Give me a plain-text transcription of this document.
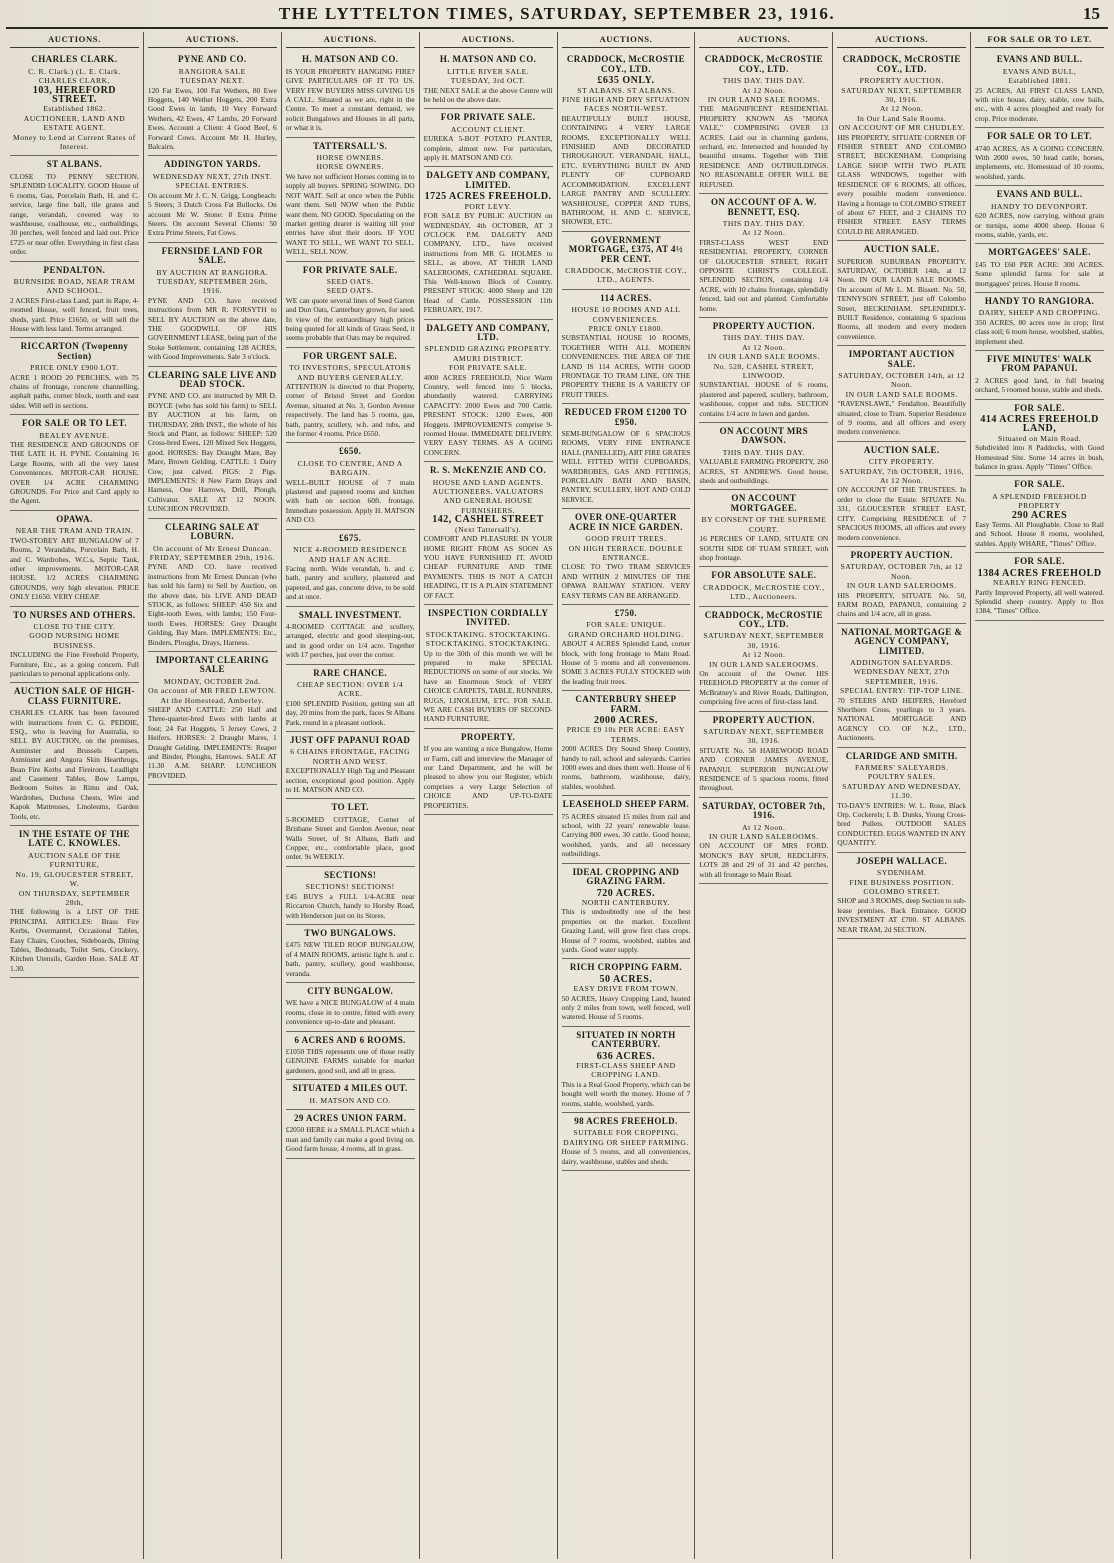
THE LYTTELTON TIMES, SATURDAY, SEPTEMBER 23, 1916.	15
AUCTIONS.
CHARLES CLARK.
C. R. Clark.) (L. E. Clark.
CHARLES CLARK,
103, HEREFORD STREET.
Established 1862.
AUCTIONEER, LAND AND ESTATE AGENT.
Money to Lend at Current Rates of Interest.
ST ALBANS.
CLOSE TO PENNY SECTION. SPLENDID LOCALITY. GOOD House of 6 rooms, Gas, Porcelain Bath, H. and C. service, large fine ball, tile grates and range, verandah, covered way to washhouse, coalhouse, etc., outbuildings, 30 perches, well fenced and laid out. Price £725 or near offer. Everything in first class order.
PENDALTON.
BURNSIDE ROAD, NEAR TRAM AND SCHOOL.
2 ACRES First-class Land, part in Rape, 4-roomed House, well fenced, fruit trees, sheds, yard. Price £1650, or will sell the House with less land. Terms arranged.
RICCARTON (Twopenny Section)
PRICE ONLY £900 LOT.
ACRE 1 ROOD 20 PERCHES, with 75 chains of frontage, concrete channelling, asphalt paths, corner block, north and east sides. Will sell in sections.
FOR SALE OR TO LET.
BEALEY AVENUE.
THE RESIDENCE AND GROUNDS OF THE LATE H. H. PYNE. Containing 16 Large Rooms, with all the very latest Conveniences. MOTOR-CAR HOUSE. OVER 1/4 ACRE CHARMING GROUNDS. For Price and Card apply to the Agent.
OPAWA.
NEAR THE TRAM AND TRAIN.
TWO-STOREY ART BUNGALOW of 7 Rooms, 2 Verandahs, Porcelain Bath, H. and C. Wardrobes, W.C.s, Septic Tank, other improvements. MOTOR-CAR HOUSE. 1/2 ACRES CHARMING GROUNDS, very high elevation. PRICE ONLY £1650. VERY CHEAP.
TO NURSES AND OTHERS.
CLOSE TO THE CITY.
GOOD NURSING HOME BUSINESS.
INCLUDING the Fine Freehold Property, Furniture, Etc., as a going concern. Full particulars to personal applications only.
AUCTION SALE OF HIGH-CLASS FURNITURE.
CHARLES CLARK has been favoured with instructions from C. G. PEDDIE, ESQ., who is leaving for Australia, to SELL BY AUCTION, on the premises, Axminster and Brussels Carpets, Axminster and Angora Skin Hearthrugs, Bean Fire Kerbs and Fireirons, Leadlight and Casement Tables, Bow Lamps, Bedroom Suites in Rimu and Oak, Wardrobes, Duchess Chests, Wire and Kapok Mattresses, Linoleums, Garden Tools, etc.
IN THE ESTATE OF THE LATE C. KNOWLES.
AUCTION SALE OF THE FURNITURE,
No. 19, GLOUCESTER STREET, W.
ON THURSDAY, SEPTEMBER 28th,
THE following is a LIST OF THE PRINCIPAL ARTICLES: Brass Fire Kerbs, Overmantel, Occasional Tables, Easy Chairs, Couches, Sideboards, Dining Tables, Bedsteads, Toilet Sets, Crockery, Kitchen Utensils, Garden Hose. SALE AT 1.30.
AUCTIONS.
PYNE AND CO.
RANGIORA SALE
TUESDAY NEXT.
120 Fat Ewes, 100 Fat Wethers, 80 Ewe Hoggets, 140 Wether Hoggets, 200 Extra Good Ewes in lamb, 10 Very Forward Wethers, 42 Ewes, 47 Lambs, 20 Forward Ewes. Account a Client: 4 Good Beef, 6 Forward Cows. Account Mr H. Hurley, Balcairn.
ADDINGTON YARDS.
WEDNESDAY NEXT, 27th INST.
SPECIAL ENTRIES.
On account Mr J. C. N. Grigg, Longbeach: 5 Steers; 3 Dutch Cross Fat Bullocks. On account Mr W. Stone: 8 Extra Prime Steers. On account Several Clients: 50 Extra Prime Steers, Fat Cows.
FERNSIDE LAND FOR SALE.
BY AUCTION AT RANGIORA.
TUESDAY, SEPTEMBER 26th, 1916.
PYNE AND CO. have received instructions from MR R. FORSYTH to SELL BY AUCTION on the above date, THE GOODWILL OF HIS GOVERNMENT LEASE, being part of the Stoke Settlement, containing 128 ACRES, with Good Improvements. Sale 3 o'clock.
CLEARING SALE LIVE AND DEAD STOCK.
PYNE AND CO. are instructed by MR D. BOYCE (who has sold his farm) to SELL BY AUCTION at his farm, on THURSDAY, 28th INST., the whole of his Stock and Plant, as follows: SHEEP: 520 Cross-bred Ewes, 120 Mixed Sex Hoggets, good. HORSES: Bay Draught Mare, Bay Mare, Brown Gelding. CATTLE: 1 Dairy Cow, just calved. PIGS: 2 Pigs. IMPLEMENTS: 8 New Farm Drays and Harness, One Harrows, Drill, Plough, Cultivator. SALE AT 12 NOON. LUNCHEON PROVIDED.
CLEARING SALE AT LOBURN.
On account of Mr Ernest Duncan.
FRIDAY, SEPTEMBER 29th, 1916.
PYNE AND CO. have received instructions from Mr Ernest Duncan (who has sold his farm) to Sell by Auction, on the above date, his LIVE AND DEAD STOCK, as follows: SHEEP: 450 Six and Eight-tooth Ewes, with lambs; 150 Four-tooth Ewes. HORSES: Grey Draught Gelding, Bay Mare. IMPLEMENTS: Etc., Binders, Ploughs, Drays, Harness.
IMPORTANT CLEARING SALE
MONDAY, OCTOBER 2nd.
On account of MR FRED LEWTON.
At the Homestead, Amberley.
SHEEP AND CATTLE: 250 Half and Three-quarter-bred Ewes with lambs at foot; 24 Fat Hoggets, 5 Jersey Cows, 2 Heifers. HORSES: 2 Draught Mares, 1 Draught Gelding. IMPLEMENTS: Reaper and Binder, Ploughs, Harrows. SALE AT 11.30 A.M. SHARP. LUNCHEON PROVIDED.
AUCTIONS.
H. MATSON AND CO.
IS YOUR PROPERTY HANGING FIRE? GIVE PARTICULARS OF IT TO US. VERY FEW BUYERS MISS GIVING US A CALL. Situated as we are, right in the Centre. To meet a constant demand, we solicit Bungalows and Houses in all parts, or what it is.
TATTERSALL'S.
HORSE OWNERS.
HORSE OWNERS.
We have not sufficient Horses coming in to supply all buyers. SPRING SOWING. DO NOT WAIT. Sell at once when the Public want them. Sell NOW when the Public want them. NO GOOD. Speculating on the market getting dearer is waiting till your entries have shut their doors. IF YOU WANT TO SELL, WE WANT TO SELL. WELL, SELL NOW.
FOR PRIVATE SALE.
SEED OATS.
SEED OATS.
WE can quote several lines of Seed Garton and Dun Oats, Canterbury grown, for seed. In view of the extraordinary high prices being quoted for all kinds of Grass Seed, it seems probable that Oats may be required.
FOR URGENT SALE.
TO INVESTORS, SPECULATORS AND BUYERS GENERALLY.
ATTENTION is directed to that Property, corner of Bristol Street and Gordon Avenue, situated at No. 3, Gordon Avenue respectively. The land has 5 rooms, gas, bath, pantry, scullery, w.h. and tubs, and the former 4 rooms. Price £650.
£650.
CLOSE TO CENTRE, AND A BARGAIN.
WELL-BUILT HOUSE of 7 main plastered and papered rooms and kitchen with bath on section 60ft. frontage. Immediate possession. Apply H. MATSON AND CO.
£675.
NICE 4-ROOMED RESIDENCE AND HALF AN ACRE.
Facing north. Wide verandah, h. and c. bath, pantry and scullery, plastered and papered, and gas, concrete drive, to be sold and at once.
SMALL INVESTMENT.
4-ROOMED COTTAGE and scullery, arranged, electric and good sleeping-out, and in good order on 1/4 acre. Together with 17 perches, just over the corner.
RARE CHANCE.
CHEAP SECTION: OVER 1/4 ACRE.
£100 SPLENDID Position, getting sun all day, 20 mins from the park, faces St Albans Park, round in a pleasant outlook.
JUST OFF PAPANUI ROAD
6 CHAINS FRONTAGE, FACING NORTH AND WEST.
EXCEPTIONALLY High Tag and Pleasant section, exceptional good position. Apply to H. MATSON AND CO.
TO LET.
5-ROOMED COTTAGE, Corner of Brisbane Street and Gordon Avenue, near Walls Street, of St Albans, Bath and Copper, etc., comfortable place, good order. 9s WEEKLY.
SECTIONS!
SECTIONS! SECTIONS!
£45 BUYS a FULL 1/4-ACRE near Riccarton Church, handy to Horsby Road, with Henderson just on its Stores.
TWO BUNGALOWS.
£475 NEW TILED ROOF BUNGALOW, of 4 MAIN ROOMS, artistic light h. and c. bath, pantry, scullery, good washhouse, veranda.
CITY BUNGALOW.
WE have a NICE BUNGALOW of 4 main rooms, close in to centre, fitted with every convenience up-to-date and pleasant.
6 ACRES AND 6 ROOMS.
£1050 THIS represents one of those really GENUINE FARMS suitable for market gardeners, good soil, and all in grass.
SITUATED 4 MILES OUT.
H. MATSON AND CO.
29 ACRES UNION FARM.
£2050 HERE is a SMALL PLACE which a man and family can make a good living on. Good farm house, 4 rooms, all in grass.
AUCTIONS.
H. MATSON AND CO.
LITTLE RIVER SALE.
TUESDAY, 3rd OCT.
THE NEXT SALE at the above Centre will be held on the above date.
FOR PRIVATE SALE.
ACCOUNT CLIENT.
EUREKA 5-BOT POTATO PLANTER, complete, almost new. For particulars, apply H. MATSON AND CO.
DALGETY AND COMPANY, LIMITED.
1725 ACRES FREEHOLD.
PORT LEVY.
FOR SALE BY PUBLIC AUCTION on WEDNESDAY, 4th OCTOBER, AT 3 O'CLOCK P.M. DALGETY AND COMPANY, LTD., have received instructions from MR G. HOLMES to SELL, as above, AT THEIR LAND SALEROOMS, CATHEDRAL SQUARE. This Well-known Block of Country. PRESENT STOCK: 4000 Sheep and 120 Head of Cattle. POSSESSION 11th FEBRUARY, 1917.
DALGETY AND COMPANY, LTD.
SPLENDID GRAZING PROPERTY.
AMURI DISTRICT.
FOR PRIVATE SALE.
4000 ACRES FREEHOLD, Nice Warm Country, well fenced into 5 blocks, abundantly watered. CARRYING CAPACITY: 2000 Ewes and 700 Cattle. PRESENT STOCK: 1200 Ewes, 400 Hoggets. IMPROVEMENTS comprise 9-roomed House. IMMEDIATE DELIVERY. VERY EASY TERMS. AS A GOING CONCERN.
R. S. McKENZIE AND CO.
HOUSE AND LAND AGENTS.
AUCTIONEERS, VALUATORS AND GENERAL HOUSE FURNISHERS.
142, CASHEL STREET
(Next Tattersall's).
COMFORT AND PLEASURE IN YOUR HOME RIGHT FROM AS SOON AS YOU HAVE FURNISHED IT. AVOID CHEAP FURNITURE AND TIME PAYMENTS. THIS IS NOT A CATCH HEADING, IT IS A PLAIN STATEMENT OF FACT.
INSPECTION CORDIALLY INVITED.
STOCKTAKING. STOCKTAKING.
STOCKTAKING. STOCKTAKING.
Up to the 30th of this month we will be prepared to make SPECIAL REDUCTIONS on some of our stocks. We have an Enormous Stock of VERY CHOICE CARPETS, TABLE, RUNNERS, RUGS, LINOLEUM, ETC. FOR SALE. WE ARE CASH BUYERS OF SECOND-HAND FURNITURE.
PROPERTY.
If you are wanting a nice Bungalow, Home or Farm, call and interview the Manager of our Land Department, and he will be pleased to show you our Register, which comprises a very Large Selection of CHOICE AND UP-TO-DATE PROPERTIES.
AUCTIONS.
CRADDOCK, McCROSTIE COY., LTD.
£635 ONLY.
ST ALBANS. ST ALBANS.
FINE HIGH AND DRY SITUATION FACES NORTH-WEST.
BEAUTIFULLY BUILT HOUSE, CONTAINING 4 VERY LARGE ROOMS, EXCEPTIONALLY WELL FINISHED AND DECORATED THROUGHOUT. VERANDAH, HALL, ETC. EVERYTHING BUILT IN AND PLENTY OF CUPBOARD ACCOMMODATION. EXCELLENT LARGE PANTRY AND SCULLERY. WASHHOUSE, COPPER AND TUBS, BATHROOM, H. AND C. SERVICE, SHOWER, ETC.
GOVERNMENT MORTGAGE, £375, AT 4½ PER CENT.
CRADDOCK, McCROSTIE COY., LTD., AGENTS.
114 ACRES.
HOUSE 10 ROOMS AND ALL CONVENIENCES.
PRICE ONLY £1800.
SUBSTANTIAL HOUSE 10 ROOMS, TOGETHER WITH ALL MODERN CONVENIENCES. THE AREA OF THE LAND IS 114 ACRES, WITH GOOD FRONTAGE TO TRAM LINE, ON THE PROPERTY THERE IS A VARIETY OF FRUIT TREES.
REDUCED FROM £1200 TO £950.
SEMI-BUNGALOW OF 6 SPACIOUS ROOMS, VERY FINE ENTRANCE HALL (PANELLED), ART FIRE GRATES WELL FITTED WITH CUPBOARDS, WARDROBES, GAS AND FITTINGS, PORCELAIN BATH AND BASIN, PANTRY, SCULLERY, HOT AND COLD SERVICE.
OVER ONE-QUARTER ACRE IN NICE GARDEN.
GOOD FRUIT TREES.
ON HIGH TERRACE. DOUBLE ENTRANCE.
CLOSE TO TWO TRAM SERVICES AND WITHIN 2 MINUTES OF THE OPAWA RAILWAY STATION. VERY EASY TERMS CAN BE ARRANGED.
£750.
FOR SALE: UNIQUE.
GRAND ORCHARD HOLDING.
ABOUT 4 ACRES Splendid Land, corner block, with long frontage to Main Road. House of 5 rooms and all conveniences. SOME 3 ACRES FULLY STOCKED with the leading fruit trees.
CANTERBURY SHEEP FARM.
2000 ACRES.
PRICE £9 10s PER ACRE: EASY TERMS.
2000 ACRES Dry Sound Sheep Country, handy to rail, school and saleyards. Carries 1000 ewes and does them well. House of 6 rooms, bathroom, washhouse, dairy, stables, woolshed.
LEASEHOLD SHEEP FARM.
75 ACRES situated 15 miles from rail and school, with 22 years' renewable lease. Carrying 800 ewes, 30 cattle. Good house, woolshed, yards, and all necessary outbuildings.
IDEAL CROPPING AND GRAZING FARM.
720 ACRES.
NORTH CANTERBURY.
This is undoubtedly one of the best properties on the market. Excellent Grazing Land, will grow first class crops. House of 7 rooms, woolshed, stables and yards. Good water supply.
RICH CROPPING FARM.
50 ACRES.
EASY DRIVE FROM TOWN.
50 ACRES, Heavy Cropping Land, heated only 2 miles from town, well fenced, well watered. House of 5 rooms.
SITUATED IN NORTH CANTERBURY.
636 ACRES.
FIRST-CLASS SHEEP AND CROPPING LAND.
This is a Real Good Property, which can be bought well worth the money. House of 7 rooms, stable, woolshed, yards.
98 ACRES FREEHOLD.
SUITABLE FOR CROPPING, DAIRYING OR SHEEP FARMING.
House of 5 rooms, and all conveniences, dairy, washhouse, stables and sheds.
AUCTIONS.
CRADDOCK, McCROSTIE COY., LTD.
THIS DAY. THIS DAY.
At 12 Noon.
IN OUR LAND SALE ROOMS.
THE MAGNIFICENT RESIDENTIAL PROPERTY KNOWN AS "MONA VALE," COMPRISING OVER 13 ACRES. Laid out in charming gardens, orchard, etc. Intersected and bounded by beautiful streams. Together with THE RESIDENCE AND OUTBUILDINGS. NO REASONABLE OFFER WILL BE REFUSED.
ON ACCOUNT OF A. W. BENNETT, ESQ.
THIS DAY. THIS DAY.
At 12 Noon.
FIRST-CLASS WEST END RESIDENTIAL PROPERTY, CORNER OF GLOUCESTER STREET, RIGHT OPPOSITE CHRIST'S COLLEGE. SPLENDID SECTION, containing 1/4 ACRE, with 10 chains frontage, splendidly fenced, laid out and planted. Comfortable home.
PROPERTY AUCTION.
THIS DAY. THIS DAY.
At 12 Noon.
IN OUR LAND SALE ROOMS.
No. 528, CASHEL STREET, LINWOOD.
SUBSTANTIAL HOUSE of 6 rooms, plastered and papered, scullery, bathroom, washhouse, copper and tubs. SECTION contains 1/4 acre in lawn and garden.
ON ACCOUNT MRS DAWSON.
THIS DAY. THIS DAY.
VALUABLE FARMING PROPERTY, 260 ACRES, ST ANDREWS. Good house, sheds and outbuildings.
ON ACCOUNT MORTGAGEE.
BY CONSENT OF THE SUPREME COURT.
16 PERCHES OF LAND, SITUATE ON SOUTH SIDE OF TUAM STREET, with shop frontage.
FOR ABSOLUTE SALE.
CRADDOCK, McCROSTIE COY., LTD., Auctioneers.
CRADDOCK, McCROSTIE COY., LTD.
SATURDAY NEXT, SEPTEMBER 30, 1916.
At 12 Noon.
IN OUR LAND SALEROOMS.
On account of the Owner. HIS FREEHOLD PROPERTY at the corner of McBratney's and River Roads, Dallington, comprising five acres of first-class land.
PROPERTY AUCTION.
SATURDAY NEXT, SEPTEMBER 30, 1916.
SITUATE No. 58 HAREWOOD ROAD AND CORNER JAMES AVENUE, PAPANUI. SUPERIOR BUNGALOW RESIDENCE of 5 spacious rooms, fitted throughout.
SATURDAY, OCTOBER 7th, 1916.
At 12 Noon.
IN OUR LAND SALEROOMS.
ON ACCOUNT OF MRS FORD. MONCK'S BAY SPUR, REDCLIFFS. LOTS 28 and 29 of 31 and 42 perches, with all frontage to Main Road.
AUCTIONS.
CRADDOCK, McCROSTIE COY., LTD.
PROPERTY AUCTION.
SATURDAY NEXT, SEPTEMBER 30, 1916.
At 12 Noon.
In Our Land Sale Rooms.
ON ACCOUNT OF MR CHUDLEY.
HIS PROPERTY, SITUATE CORNER OF FISHER STREET AND COLOMBO STREET, BECKENHAM. Comprising LARGE SHOP WITH TWO PLATE GLASS WINDOWS, together with RESIDENCE OF 6 ROOMS, all offices, every possible modern convenience. Having a frontage to COLOMBO STREET of about 67 FEET, and 2 CHAINS TO FISHER STREET. EASY TERMS COULD BE ARRANGED.
AUCTION SALE.
SUPERIOR SUBURBAN PROPERTY. SATURDAY, OCTOBER 14th, at 12 Noon. IN OUR LAND SALE ROOMS. On account of Mr L. M. Bissett. No. 50, TENNYSON STREET, just off Colombo Street, BECKENHAM. SPLENDIDLY-BUILT Residence, containing 6 spacious Rooms, all modern and every modern convenience.
IMPORTANT AUCTION SALE.
SATURDAY, OCTOBER 14th, at 12 Noon.
IN OUR LAND SALE ROOMS.
"RAVENSLAWE," Fendalton. Beautifully situated, close to Tram. Superior Residence of 9 rooms, and all offices and every modern convenience.
AUCTION SALE.
CITY PROPERTY.
SATURDAY, 7th OCTOBER, 1916,
At 12 Noon.
ON ACCOUNT OF THE TRUSTEES. In order to close the Estate. SITUATE No. 331, GLOUCESTER STREET EAST, CITY. Comprising RESIDENCE of 7 SPACIOUS ROOMS, all offices and every modern convenience.
PROPERTY AUCTION.
SATURDAY, OCTOBER 7th, at 12 Noon.
IN OUR LAND SALEROOMS.
HIS PROPERTY, SITUATE No. 50, FARM ROAD, PAPANUI, containing 2 chains and 1/4 acre, all in grass.
NATIONAL MORTGAGE & AGENCY COMPANY, LIMITED.
ADDINGTON SALEYARDS.
WEDNESDAY NEXT, 27th SEPTEMBER, 1916.
SPECIAL ENTRY: TIP-TOP LINE.
70 STEERS AND HEIFERS, Hereford Shorthorn Cross, yearlings to 3 years. NATIONAL MORTGAGE AND AGENCY CO. OF N.Z., LTD., Auctioneers.
CLARIDGE AND SMITH.
FARMERS' SALEYARDS.
POULTRY SALES.
SATURDAY AND WEDNESDAY, 11.30.
TO-DAY'S ENTRIES: W. L. Rose, Black Orp. Cockerels; I. B. Dunks, Young Cross-bred Pullets. OUTDOOR SALES CONDUCTED. EGGS WANTED IN ANY QUANTITY.
JOSEPH WALLACE.
SYDENHAM.
FINE BUSINESS POSITION.
COLOMBO STREET.
SHOP and 3 ROOMS, deep Section to sub-lease premises. Back Entrance. GOOD INVESTMENT AT £700. ST ALBANS. NEAR TRAM, 2d SECTION.
FOR SALE OR TO LET.
EVANS AND BULL.
EVANS AND BULL,
Established 1881.
25 ACRES, All FIRST CLASS LAND, with nice house, dairy, stable, cow bails, etc., with 4 acres ploughed and ready for crop. Price moderate.
FOR SALE OR TO LET.
4740 ACRES, AS A GOING CONCERN. With 2000 ewes, 50 head cattle, horses, implements, etc. Homestead of 10 rooms, woolshed, yards.
EVANS AND BULL.
HANDY TO DEVONPORT.
620 ACRES, now carrying, without grain or turnips, some 4000 sheep. House 6 rooms, stable, yards, etc.
MORTGAGEES' SALE.
£45 TO £60 PER ACRE: 300 ACRES. Some splendid farms for sale at mortgagees' prices. House 8 rooms.
HANDY TO RANGIORA.
DAIRY, SHEEP AND CROPPING.
350 ACRES, 80 acres now in crop; first class soil; 6 room house, woolshed, stables, implement shed.
FIVE MINUTES' WALK FROM PAPANUI.
2 ACRES good land, in full bearing orchard, 5 roomed house, stable and sheds.
FOR SALE.
414 ACRES FREEHOLD LAND,
Situated on Main Road.
Subdivided into 8 Paddocks, with Good Homestead Site. Some 14 acres in bush, balance in grass. Apply "Times" Office.
FOR SALE.
A SPLENDID FREEHOLD PROPERTY
290 ACRES
Easy Terms. All Ploughable. Close to Rail and School. House 8 rooms, woolshed, stables. Apply WHARE, "Times" Office.
FOR SALE.
1384 ACRES FREEHOLD
NEARLY RING FENCED.
Partly Improved Property, all well watered. Splendid sheep country. Apply to Box 1384, "Times" Office.
